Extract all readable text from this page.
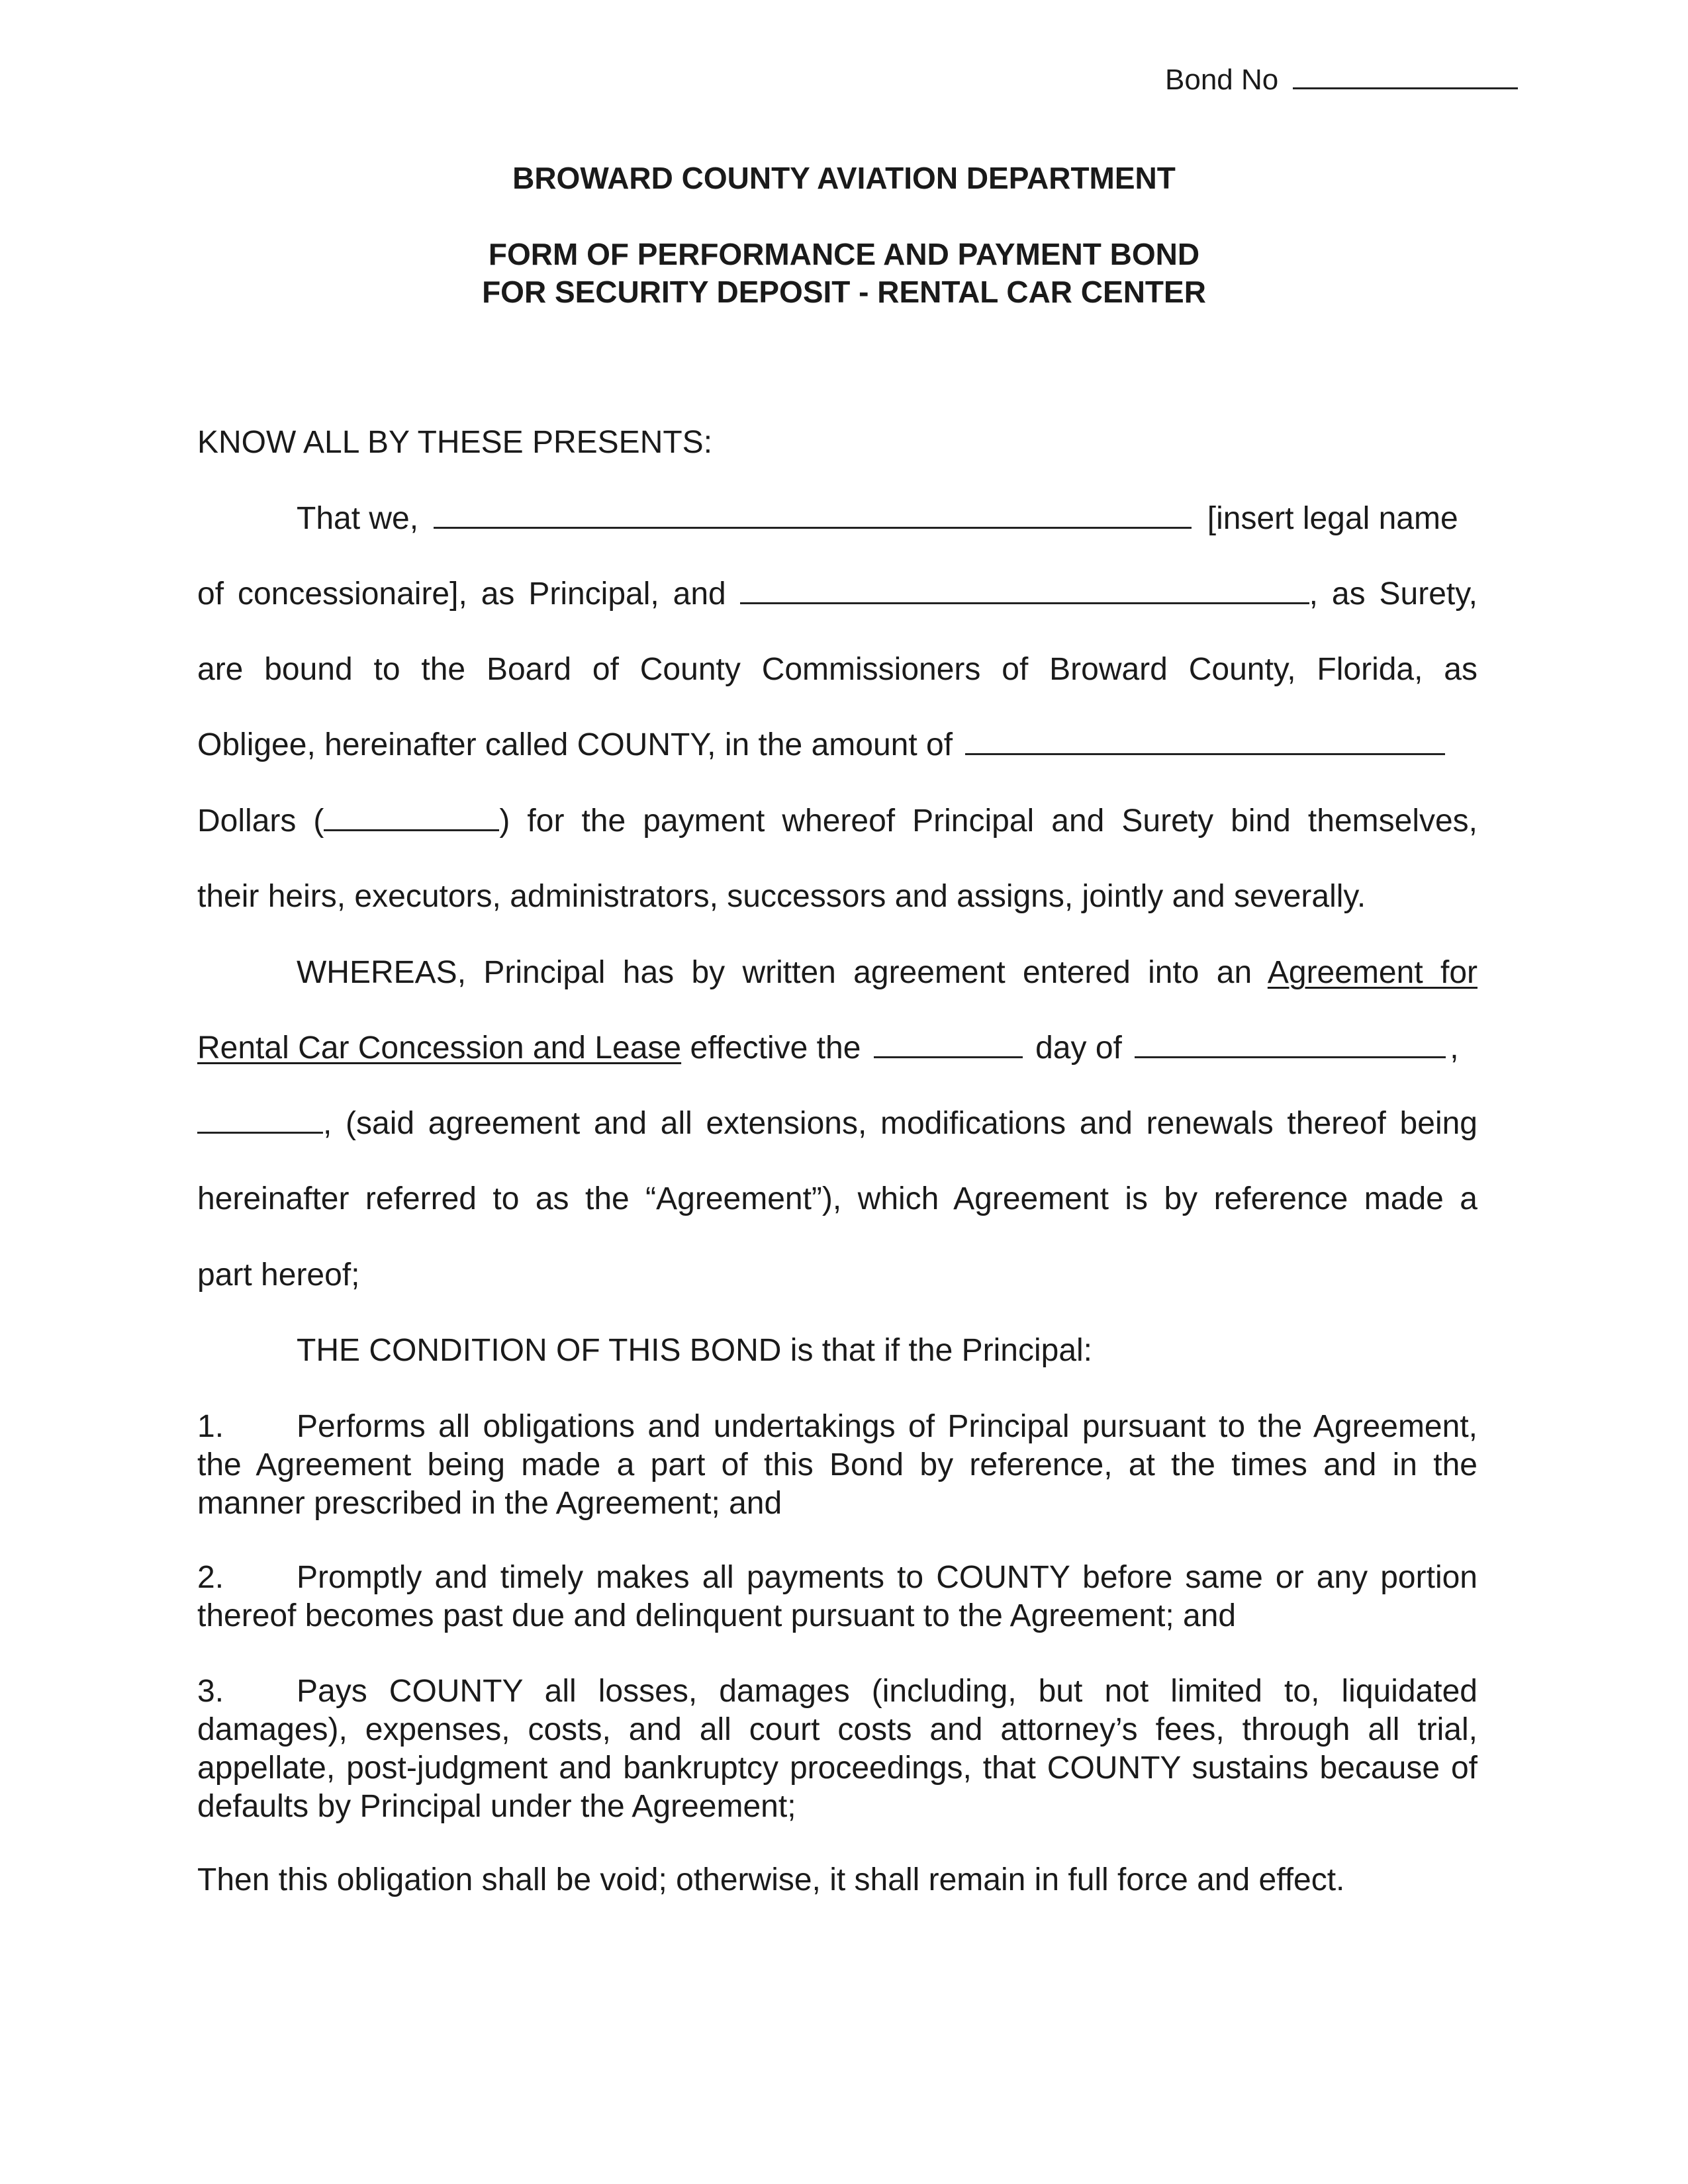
Bond No
BROWARD COUNTY AVIATION DEPARTMENT
FORM OF PERFORMANCE AND PAYMENT BOND
FOR SECURITY DEPOSIT - RENTAL CAR CENTER
KNOW ALL BY THESE PRESENTS:
That we,	[insert legal name
of concessionaire], as Principal, and	, as Surety,
are bound to the Board of County Commissioners of Broward County, Florida, as
Obligee, hereinafter called COUNTY, in the amount of
Dollars (	) for the payment whereof Principal and Surety bind themselves,
their heirs, executors, administrators, successors and assigns, jointly and severally.
WHEREAS, Principal has by written agreement entered into an Agreement for
Rental Car Concession and Lease effective the	day of	,
, (said agreement and all extensions, modifications and renewals thereof being
hereinafter referred to as the “Agreement”), which Agreement is by reference made a
part hereof;
THE CONDITION OF THIS BOND is that if the Principal:
1. Performs all obligations and undertakings of Principal pursuant to the Agreement, the Agreement being made a part of this Bond by reference, at the times and in the manner prescribed in the Agreement; and
2. Promptly and timely makes all payments to COUNTY before same or any portion thereof becomes past due and delinquent pursuant to the Agreement; and
3. Pays COUNTY all losses, damages (including, but not limited to, liquidated damages), expenses, costs, and all court costs and attorney’s fees, through all trial, appellate, post-judgment and bankruptcy proceedings, that COUNTY sustains because of defaults by Principal under the Agreement;
Then this obligation shall be void; otherwise, it shall remain in full force and effect.
